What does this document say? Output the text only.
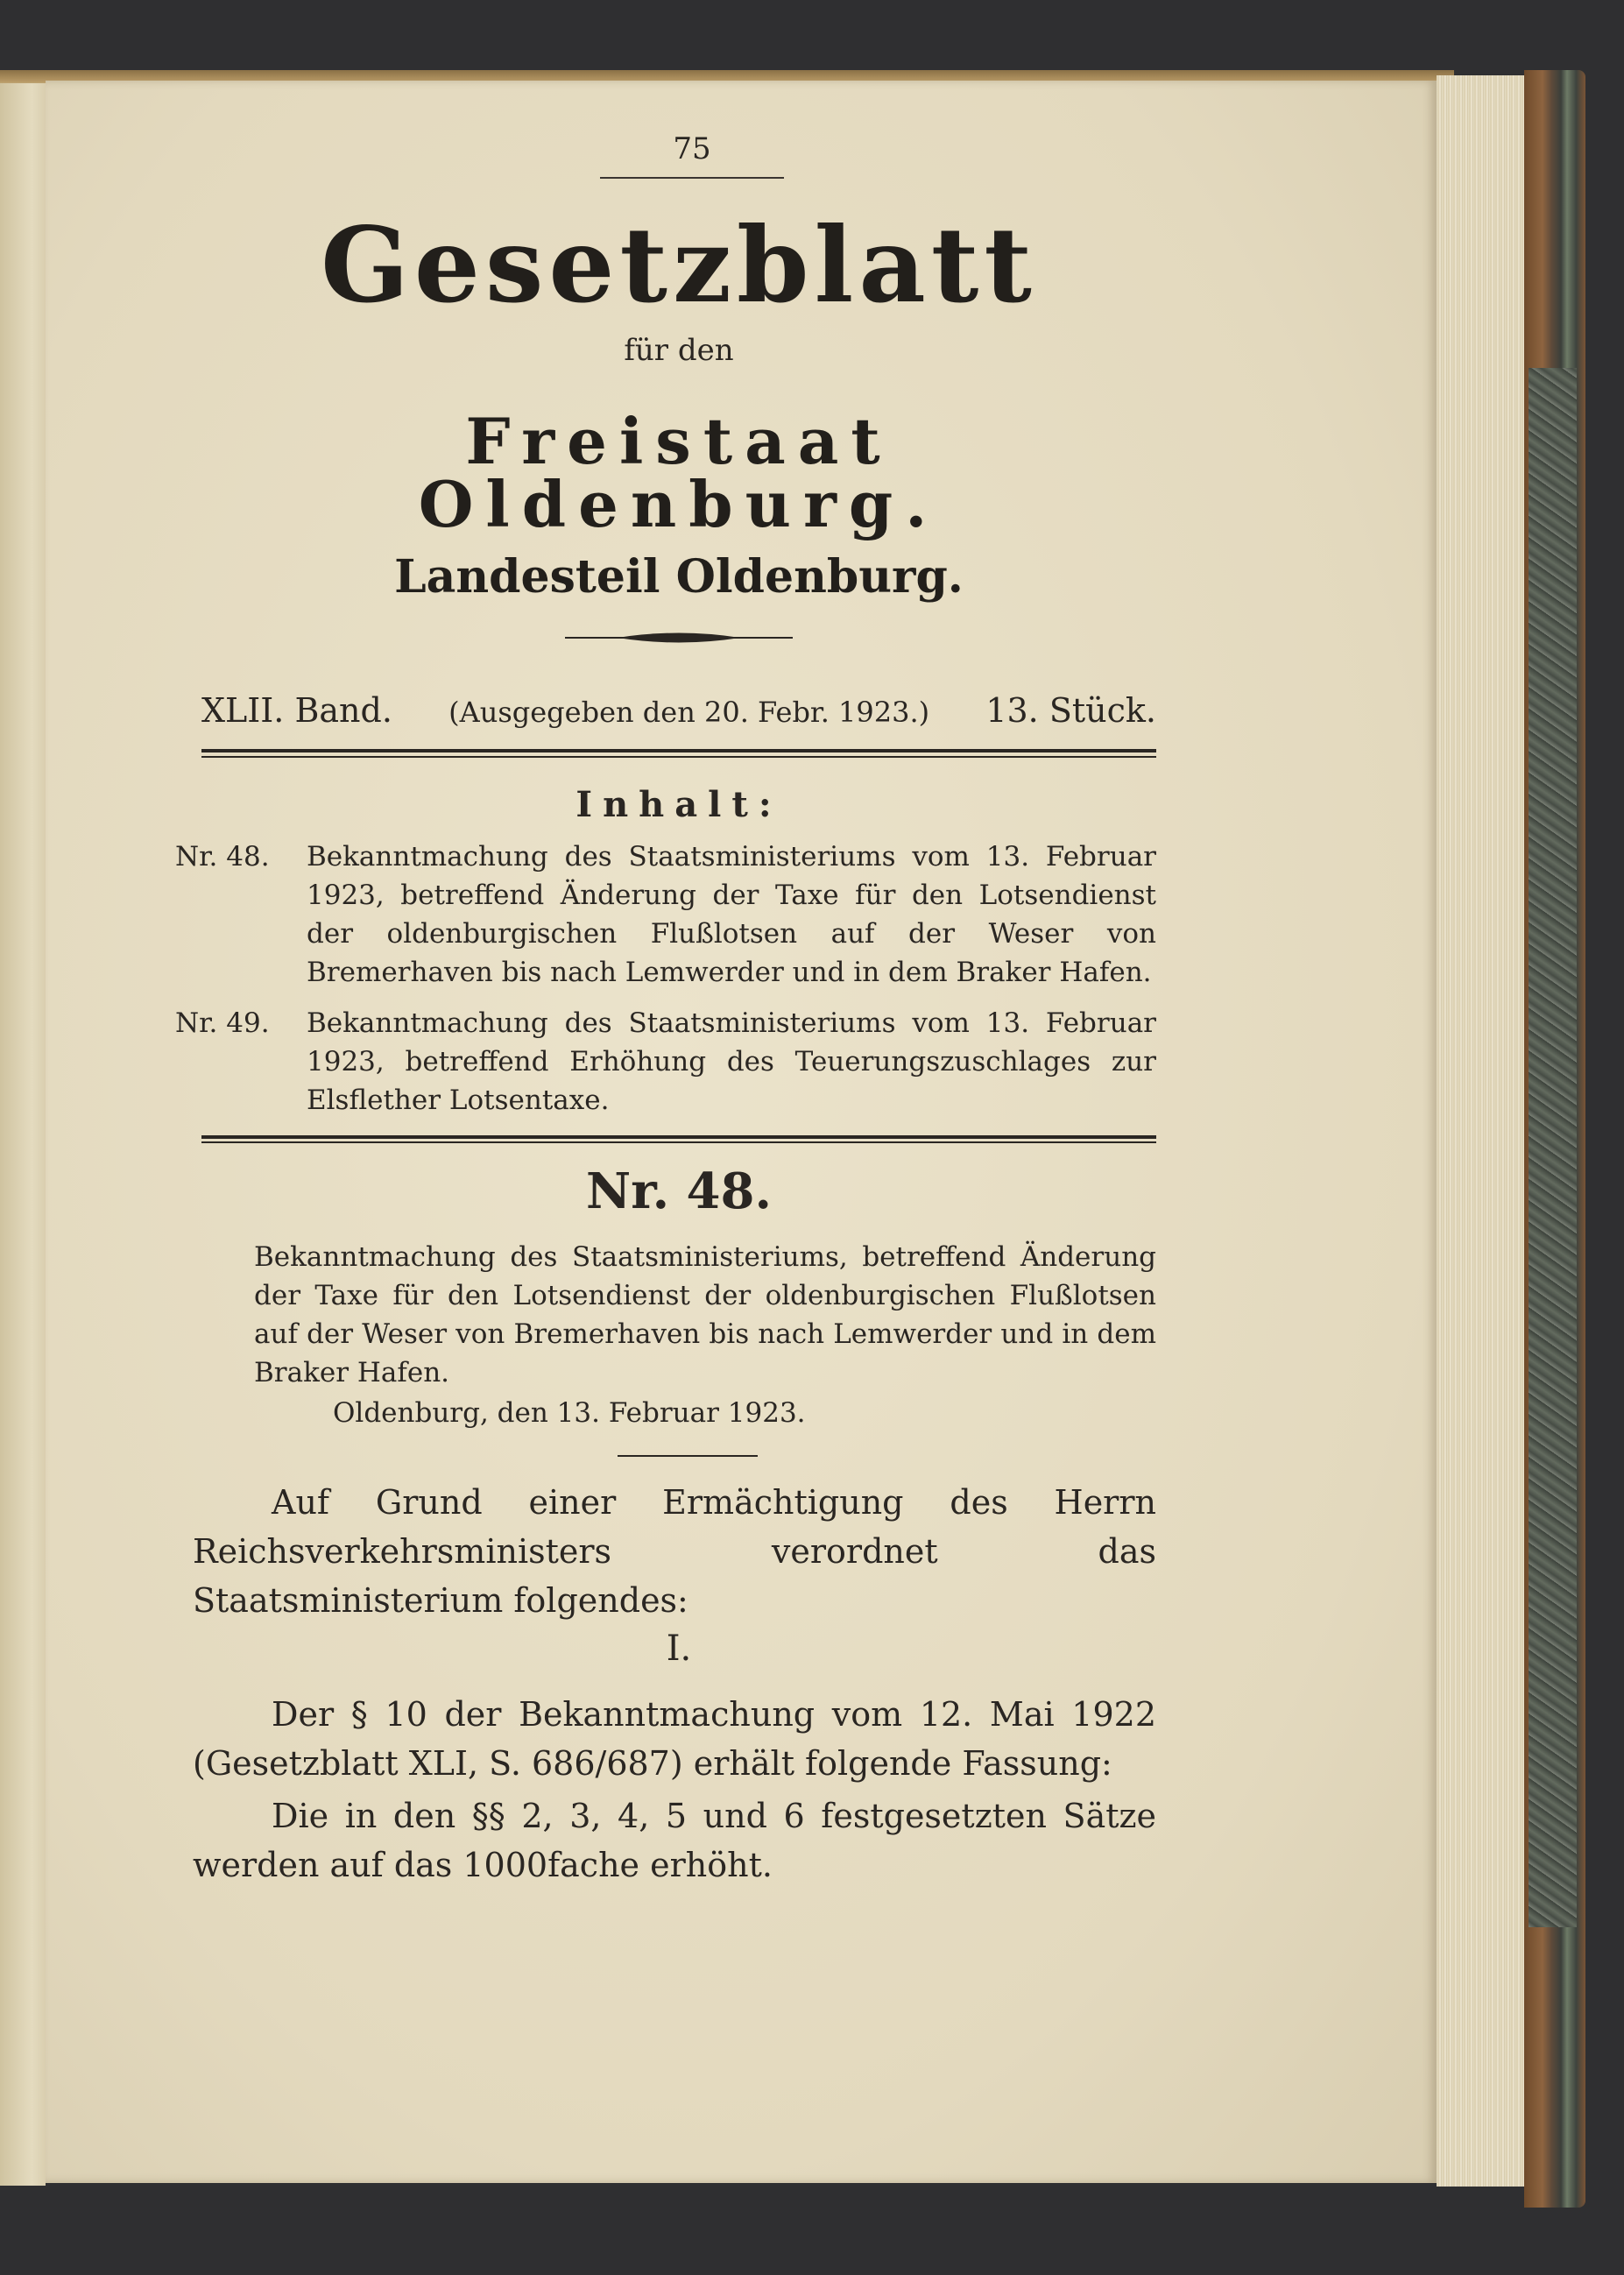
75
Gesetzblatt
für den
Freistaat Oldenburg.
Landesteil Oldenburg.
XLII. Band. (Ausgegeben den 20. Febr. 1923.) 13. Stück.
Inhalt:
Nr. 48.	Bekanntmachung des Staatsministeriums vom 13. Februar 1923, betreffend Änderung der Taxe für den Lotsendienst der oldenburgischen Flußlotsen auf der Weser von Bremerhaven bis nach Lemwerder und in dem Braker Hafen.
Nr. 49.	Bekanntmachung des Staatsministeriums vom 13. Februar 1923, betreffend Erhöhung des Teuerungszuschlages zur Elsflether Lotsentaxe.
Nr. 48.
Bekanntmachung des Staatsministeriums, betreffend Änderung der Taxe für den Lotsendienst der oldenburgischen Flußlotsen auf der Weser von Bremerhaven bis nach Lemwerder und in dem Braker Hafen.
Oldenburg, den 13. Februar 1923.
Auf Grund einer Ermächtigung des Herrn Reichsverkehrsministers verordnet das Staatsministerium folgendes:
I.
Der § 10 der Bekanntmachung vom 12. Mai 1922 (Gesetzblatt XLI, S. 686/687) erhält folgende Fassung:
Die in den §§ 2, 3, 4, 5 und 6 festgesetzten Sätze werden auf das 1000fache erhöht.
